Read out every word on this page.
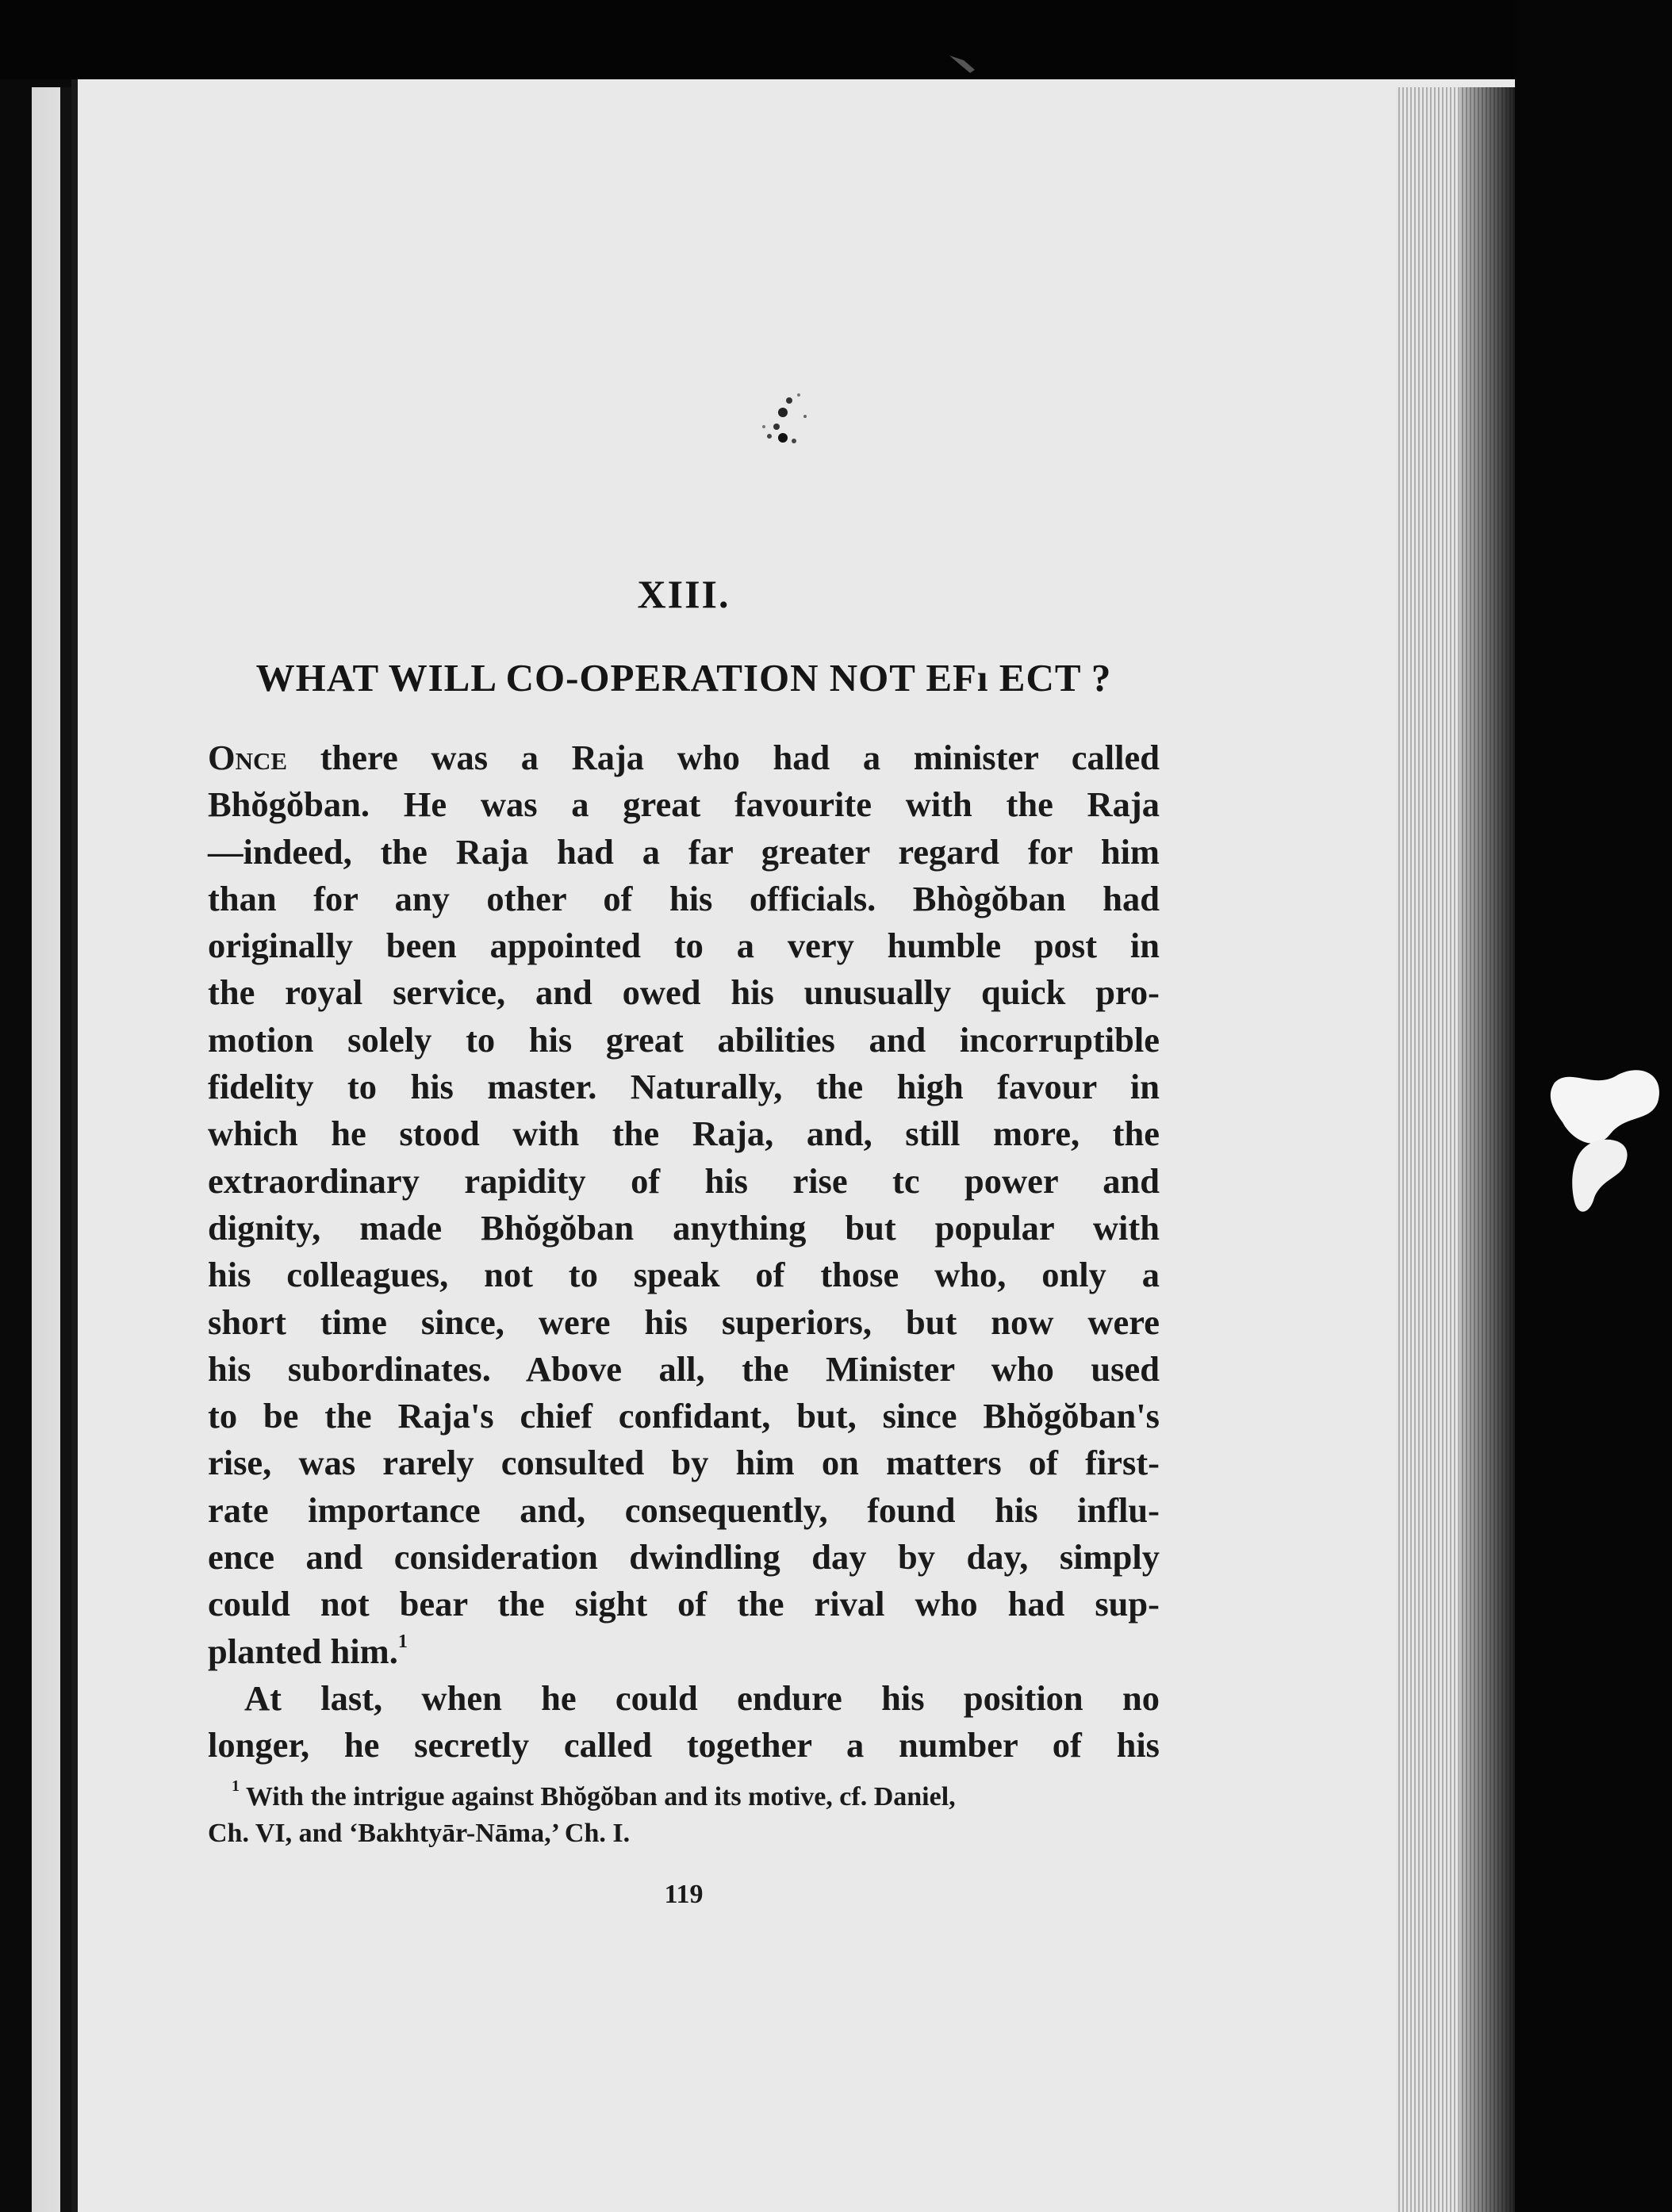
XIII.
WHAT WILL CO-OPERATION NOT EFı ECT ?
Once there was a Raja who had a minister called
Bhŏgŏban. He was a great favourite with the Raja
—indeed, the Raja had a far greater regard for him
than for any other of his officials. Bhògŏban had
originally been appointed to a very humble post in
the royal service, and owed his unusually quick pro-
motion solely to his great abilities and incorruptible
fidelity to his master. Naturally, the high favour in
which he stood with the Raja, and, still more, the
extraordinary rapidity of his rise tc power and
dignity, made Bhŏgŏban anything but popular with
his colleagues, not to speak of those who, only a
short time since, were his superiors, but now were
his subordinates. Above all, the Minister who used
to be the Raja's chief confidant, but, since Bhŏgŏban's
rise, was rarely consulted by him on matters of first-
rate importance and, consequently, found his influ-
ence and consideration dwindling day by day, simply
could not bear the sight of the rival who had sup-
planted him.$^1$
At last, when he could endure his position no
longer, he secretly called together a number of his
$^1$ With the intrigue against Bhŏgŏban and its motive, cf. Daniel,
Ch. VI, and ‘Bakhtyār-Nāma,’ Ch. I.

119
